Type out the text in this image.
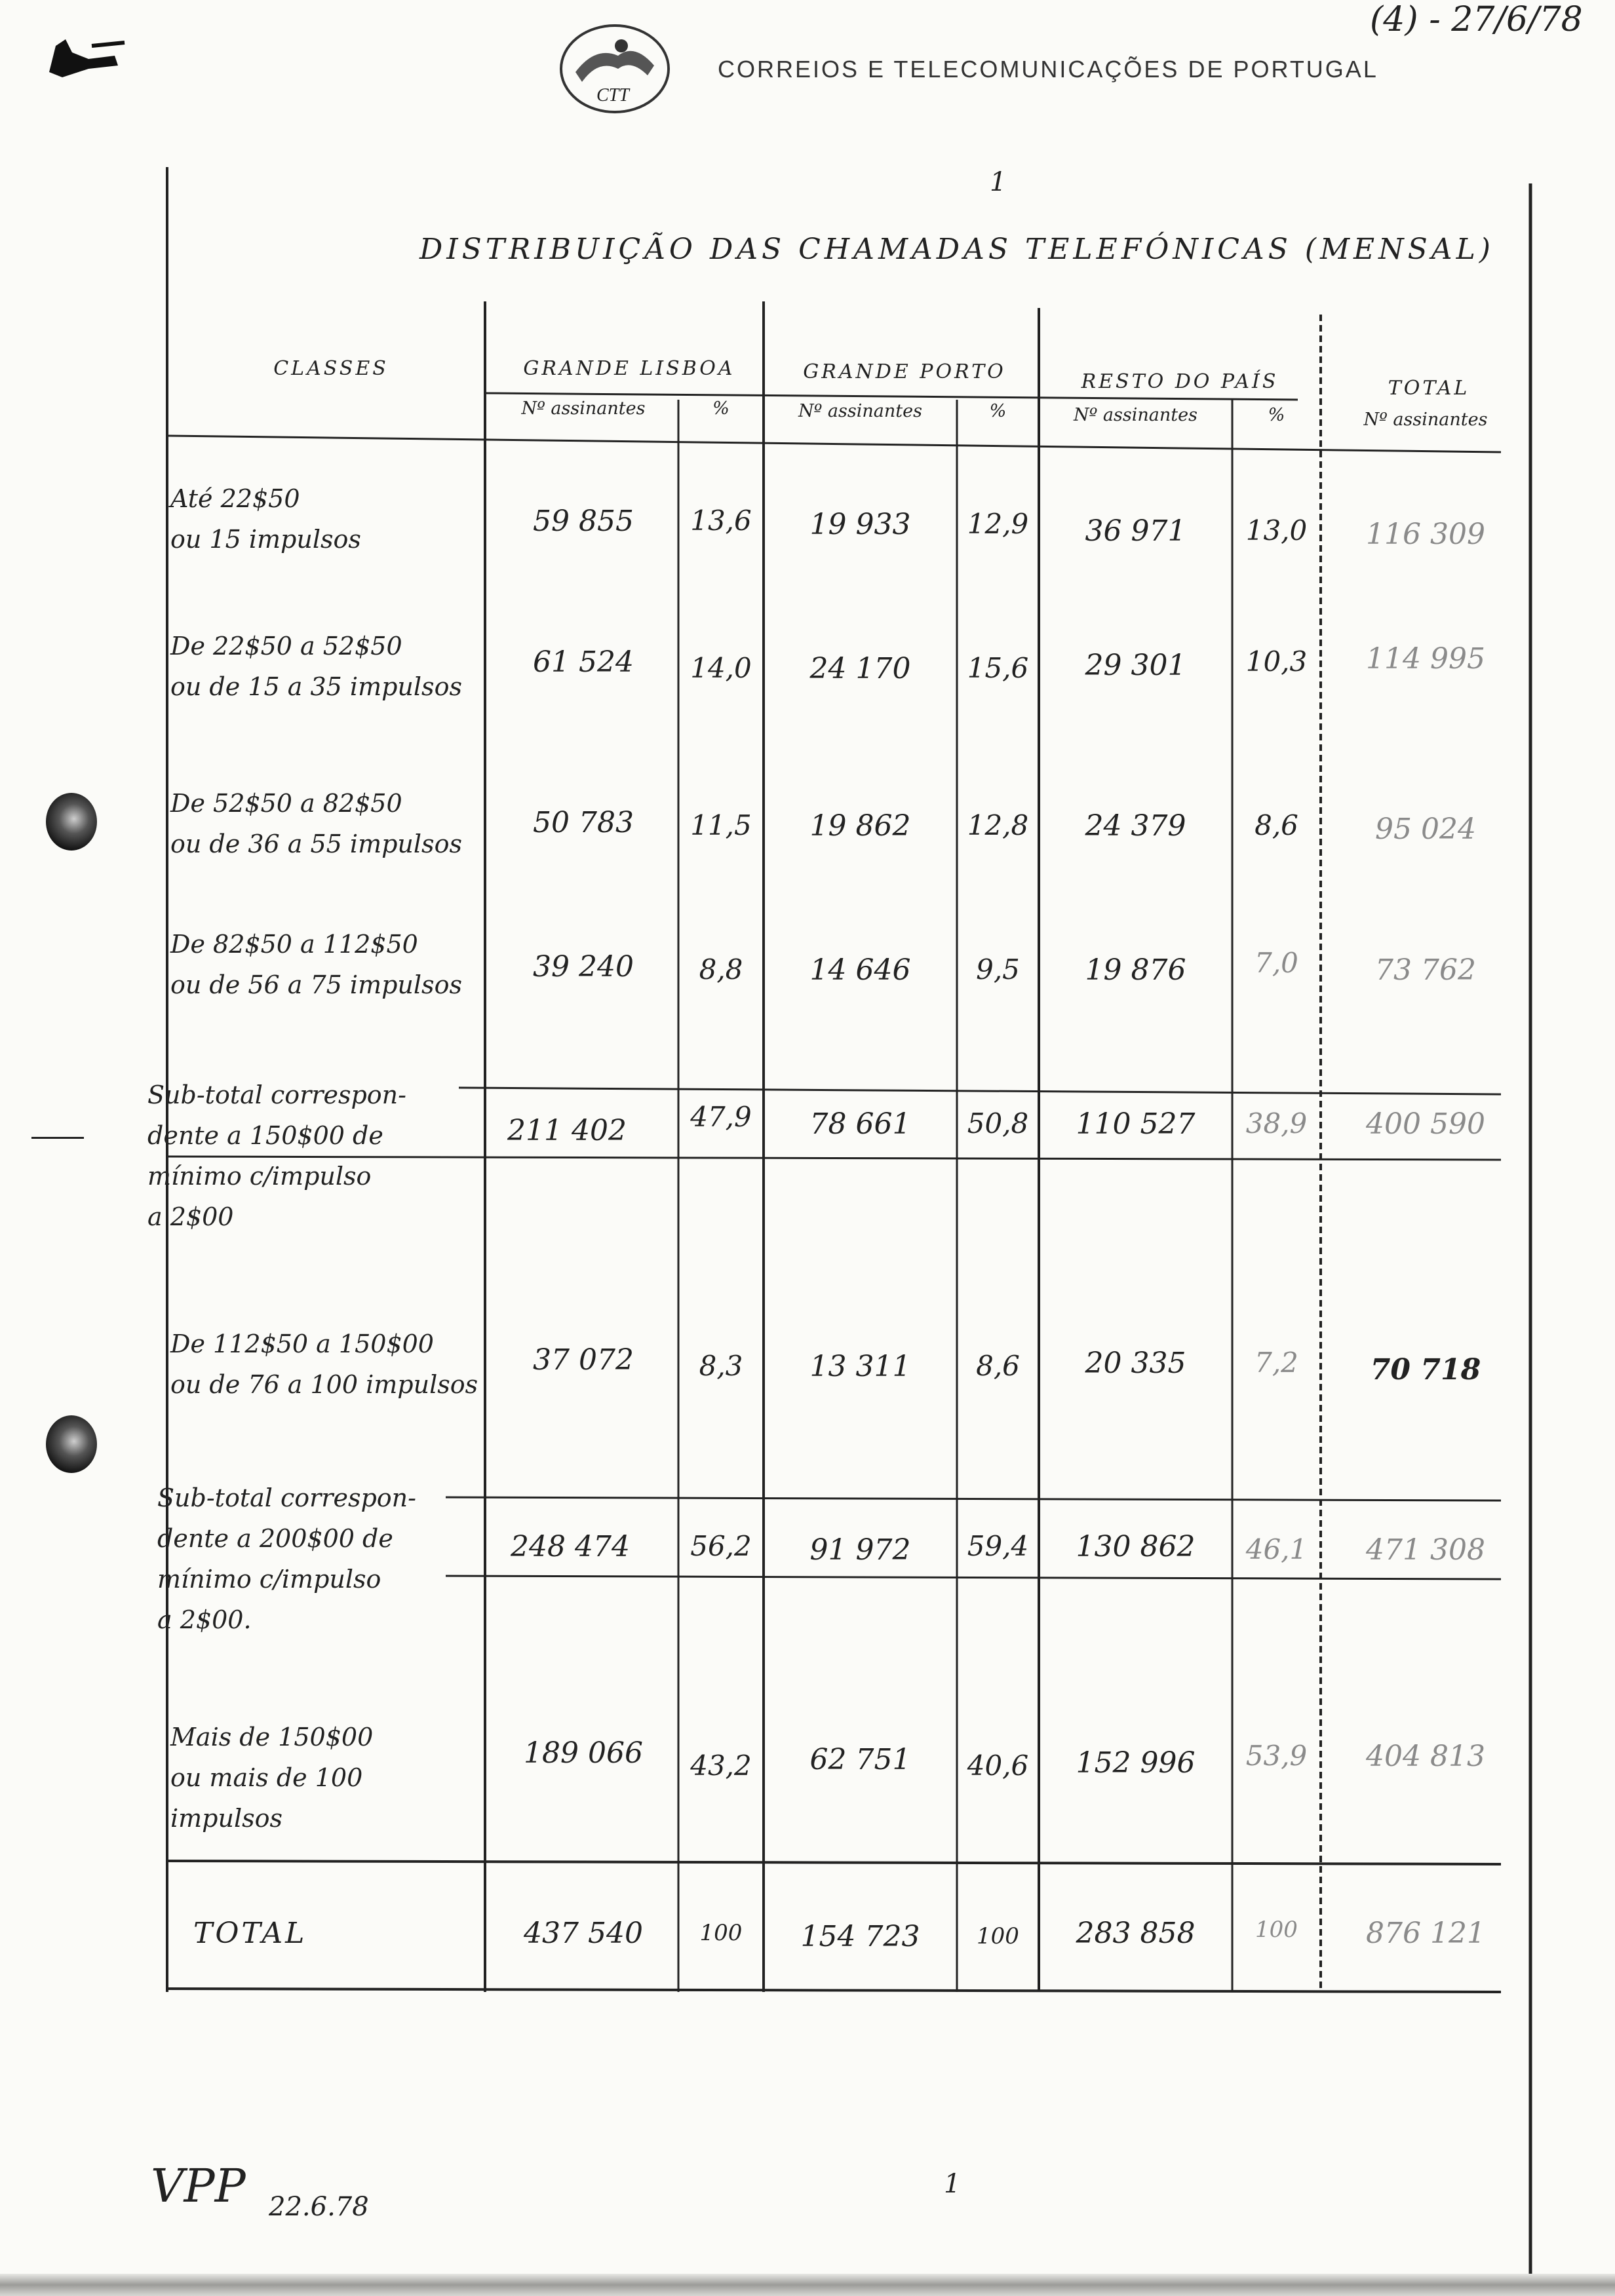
CTT
CORREIOS E TELECOMUNICAÇÕES DE PORTUGAL
(4) - 27/6/78
1
DISTRIBUIÇÃO DAS CHAMADAS TELEFÓNICAS (MENSAL)
CLASSES	GRANDE LISBOA	GRANDE PORTO	RESTO DO PAÍS	TOTAL
Nº assinantes	%	Nº assinantes	%	Nº assinantes	%	Nº assinantes
Até 22$50
ou 15 impulsos
59 855	13,6	19 933	12,9	36 971	13,0	116 309
De 22$50 a 52$50
ou de 15 a 35 impulsos
61 524	14,0	24 170	15,6	29 301	10,3	114 995
De 52$50 a 82$50
ou de 36 a 55 impulsos
50 783	11,5	19 862	12,8	24 379	8,6	95 024
De 82$50 a 112$50
ou de 56 a 75 impulsos
39 240	8,8	14 646	9,5	19 876	7,0	73 762
Sub-total correspon-
dente a 150$00 de
mínimo c/impulso
a 2$00
211 402	47,9	78 661	50,8	110 527	38,9	400 590
De 112$50 a 150$00
ou de 76 a 100 impulsos
37 072	8,3	13 311	8,6	20 335	7,2	70 718
Sub-total correspon-
dente a 200$00 de
mínimo c/impulso
a 2$00.
248 474	56,2	91 972	59,4	130 862	46,1	471 308
Mais de 150$00
ou mais de 100 impulsos
189 066	43,2	62 751	40,6	152 996	53,9	404 813
TOTAL	437 540	100	154 723	100	283 858	100	876 121
1
VPP 22.6.78
